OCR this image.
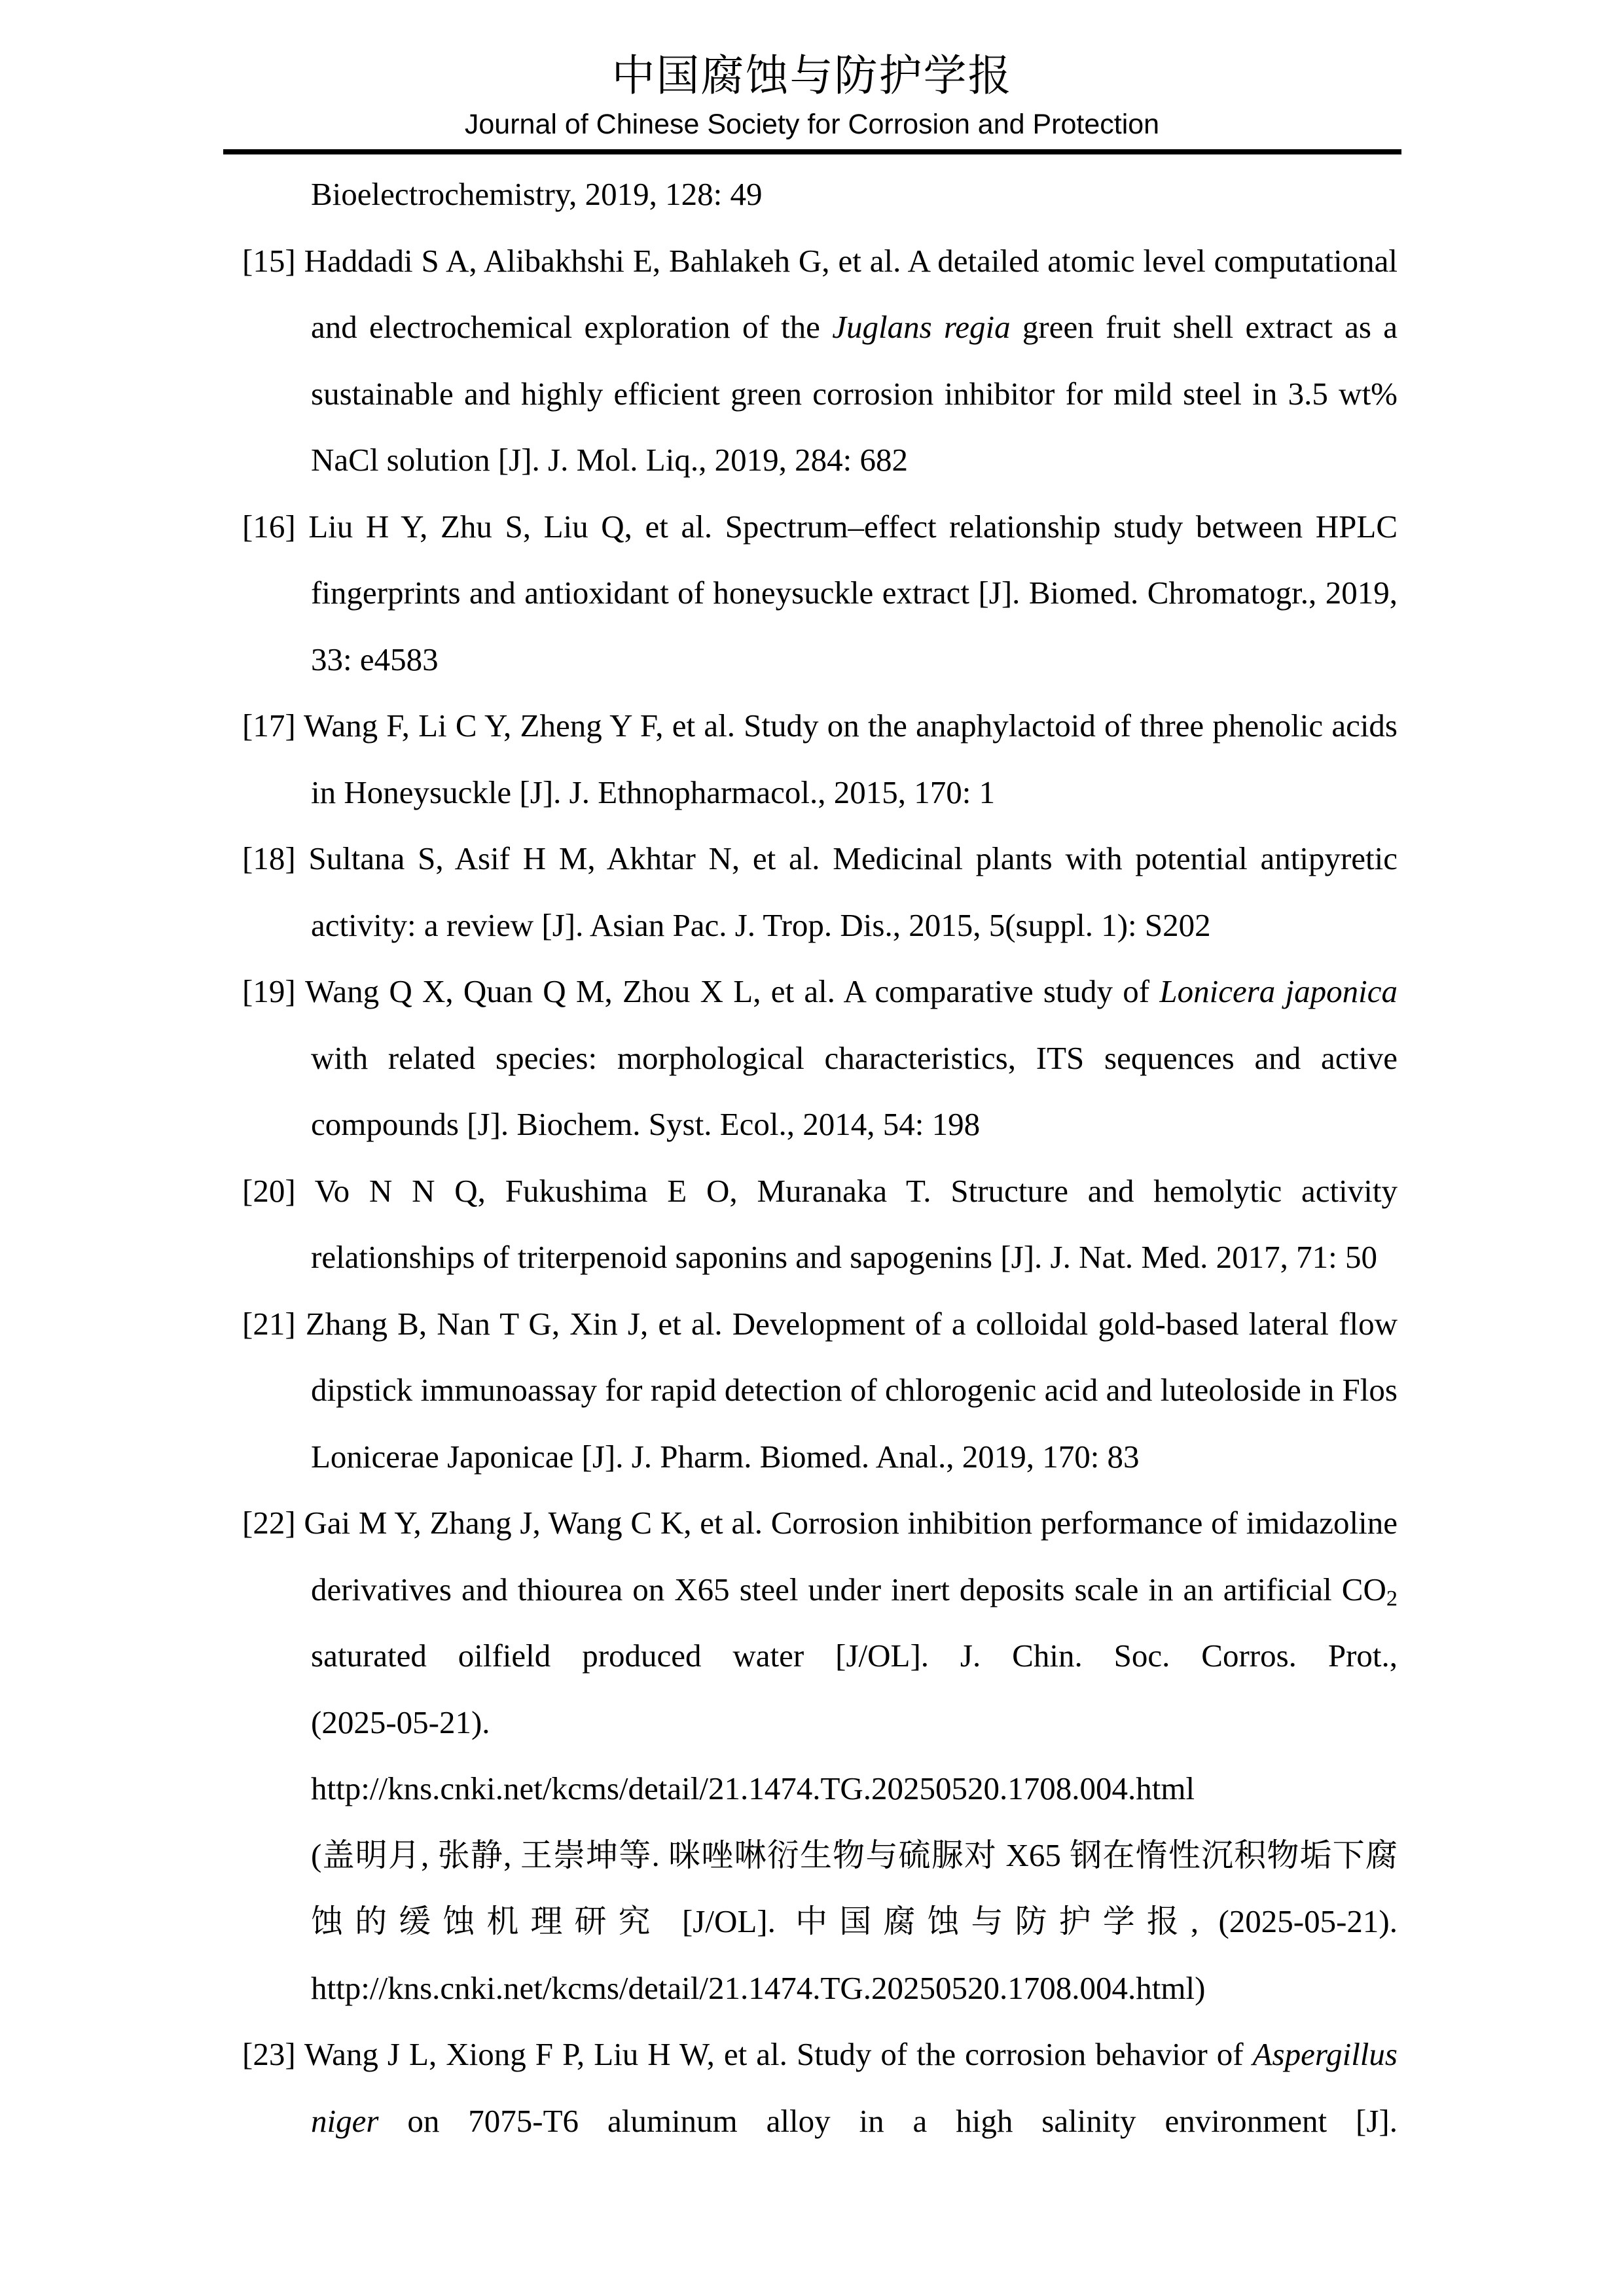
中国腐蚀与防护学报
Journal of Chinese Society for Corrosion and Protection
Bioelectrochemistry, 2019, 128: 49
[15] Haddadi S A, Alibakhshi E, Bahlakeh G, et al. A detailed atomic level computational and electrochemical exploration of the Juglans regia green fruit shell extract as a sustainable and highly efficient green corrosion inhibitor for mild steel in 3.5 wt% NaCl solution [J]. J. Mol. Liq., 2019, 284: 682
[16] Liu H Y, Zhu S, Liu Q, et al. Spectrum–effect relationship study between HPLC fingerprints and antioxidant of honeysuckle extract [J]. Biomed. Chromatogr., 2019, 33: e4583
[17] Wang F, Li C Y, Zheng Y F, et al. Study on the anaphylactoid of three phenolic acids in Honeysuckle [J]. J. Ethnopharmacol., 2015, 170: 1
[18] Sultana S, Asif H M, Akhtar N, et al. Medicinal plants with potential antipyretic activity: a review [J]. Asian Pac. J. Trop. Dis., 2015, 5(suppl. 1): S202
[19] Wang Q X, Quan Q M, Zhou X L, et al. A comparative study of Lonicera japonica with related species: morphological characteristics, ITS sequences and active compounds [J]. Biochem. Syst. Ecol., 2014, 54: 198
[20] Vo N N Q, Fukushima E O, Muranaka T. Structure and hemolytic activity relationships of triterpenoid saponins and sapogenins [J]. J. Nat. Med. 2017, 71: 50
[21] Zhang B, Nan T G, Xin J, et al. Development of a colloidal gold-based lateral flow dipstick immunoassay for rapid detection of chlorogenic acid and luteoloside in Flos Lonicerae Japonicae [J]. J. Pharm. Biomed. Anal., 2019, 170: 83
[22] Gai M Y, Zhang J, Wang C K, et al. Corrosion inhibition performance of imidazoline derivatives and thiourea on X65 steel under inert deposits scale in an artificial $CO_2$ saturated oilfield produced water [J/OL]. J. Chin. Soc. Corros. Prot.,
(2025-05-21).
http://kns.cnki.net/kcms/detail/21.1474.TG.20250520.1708.004.html
(盖明月, 张静, 王崇坤等. 咪唑啉衍生物与硫脲对 X65 钢在惰性沉积物垢下腐蚀的缓蚀机理研究 [J/OL]. 中国腐蚀与防护学报, (2025-05-21).
http://kns.cnki.net/kcms/detail/21.1474.TG.20250520.1708.004.html)
[23] Wang J L, Xiong F P, Liu H W, et al. Study of the corrosion behavior of Aspergillus niger on 7075-T6 aluminum alloy in a high salinity environment [J].
